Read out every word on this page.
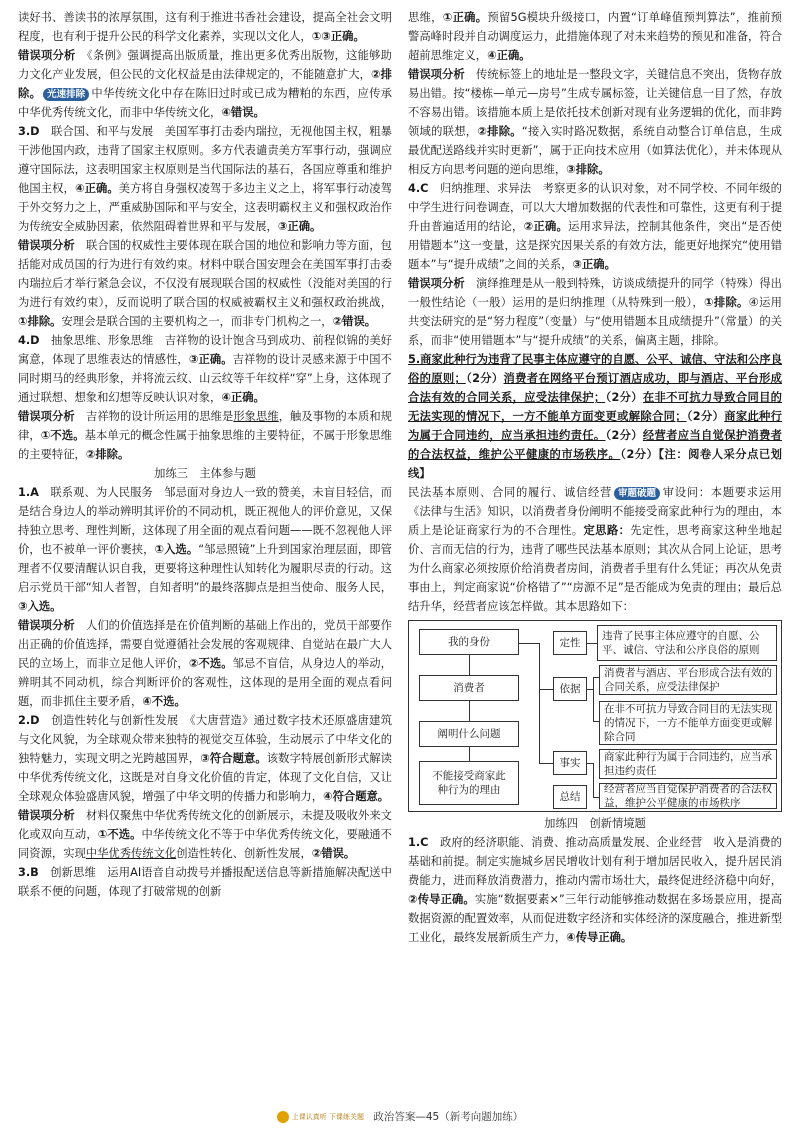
读好书、善读书的浓厚氛围，这有利于推进书香社会建设，提高全社会文明程度，也有利于提升公民的科学文化素养，实现以文化人，①③正确。

错误项分析　 《条例》强调提高出版质量，推出更多优秀出版物，这能够助力文化产业发展，但公民的文化权益是由法律规定的，不能随意扩大，②排除。 光速排除 中华传统文化中存在陈旧过时或已成为糟粕的东西，应传承中华优秀传统文化，而非中华传统文化，④错误。

3.D　 联合国、和平与发展　美国军事打击委内瑞拉，无视他国主权，粗暴干涉他国内政，违背了国家主权原则。多方代表谴责美方军事行动，强调应遵守国际法，这表明国家主权原则是当代国际法的基石，各国应尊重和维护他国主权，④正确。美方将自身强权凌驾于多边主义之上，将军事行动凌驾于外交努力之上，严重威胁国际和平与安全，这表明霸权主义和强权政治作为传统安全威胁因素，依然阻碍着世界和平与发展，③正确。

错误项分析　 联合国的权威性主要体现在联合国的地位和影响力等方面，包括能对成员国的行为进行有效约束。材料中联合国安理会在美国军事打击委内瑞拉后才举行紧急会议，不仅没有展现联合国的权威性（没能对美国的行为进行有效约束），反而说明了联合国的权威被霸权主义和强权政治挑战，①排除。安理会是联合国的主要机构之一，而非专门机构之一，②错误。

4.D　 抽象思维、形象思维　吉祥物的设计饱含马到成功、前程似锦的美好寓意，体现了思维表达的情感性，③正确。吉祥物的设计灵感来源于中国不同时期马的经典形象，并将流云纹、山云纹等千年纹样“穿”上身，这体现了通过联想、想象和幻想等反映认识对象，④正确。

错误项分析　 吉祥物的设计所运用的思维是形象思维，触及事物的本质和规律，①不选。基本单元的概念性属于抽象思维的主要特征，不属于形象思维的主要特征，②排除。

加练三　主体参与题

1.A　 联系观、为人民服务　邹忌面对身边人一致的赞美，未盲目轻信，而是结合身边人的举动辨明其评价的不同动机，既正视他人的评价意见，又保持独立思考、理性判断，这体现了用全面的观点看问题——既不忽视他人评价，也不被单一评价裹挟，①入选。“邹忌照镜”上升到国家治理层面，即管理者不仅要清醒认识自我，更要将这种理性认知转化为履职尽责的行动。这启示党员干部“知人者智，自知者明”的最终落脚点是担当使命、服务人民，③入选。

错误项分析　 人们的价值选择是在价值判断的基础上作出的，党员干部要作出正确的价值选择，需要自觉遵循社会发展的客观规律、自觉站在最广大人民的立场上，而非立足他人评价，②不选。邹忌不盲信，从身边人的举动，辨明其不同动机，综合判断评价的客观性，这体现的是用全面的观点看问题，而非抓住主要矛盾，④不选。

2.D　 创造性转化与创新性发展　《大唐营造》通过数字技术还原盛唐建筑与文化风貌，为全球观众带来独特的视觉交互体验，生动展示了中华文化的独特魅力，实现文明之光跨越国界，③符合题意。该数字特展创新形式解读中华优秀传统文化，这既是对自身文化价值的肯定，体现了文化自信，又让全球观众体验盛唐风貌，增强了中华文明的传播力和影响力，④符合题意。

错误项分析　 材料仅聚焦中华优秀传统文化的创新展示，未提及吸收外来文化或双向互动，①不选。中华传统文化不等于中华优秀传统文化，要融通不同资源，实现中华优秀传统文化创造性转化、创新性发展，②错误。

3.B　 创新思维　运用AI语音自动拨号并播报配送信息等新措施解决配送中联系不便的问题，体现了打破常规的创新

思维，①正确。预留5G模块升级接口，内置“订单峰值预判算法”，推前预警高峰时段并自动调度运力，此措施体现了对未来趋势的预见和准备，符合超前思维定义，④正确。

错误项分析　 传统标签上的地址是一整段文字，关键信息不突出，货物存放易出错。按“楼栋—单元—房号”生成专属标签，让关键信息一目了然，存放不容易出错。该措施本质上是依托技术创新对现有业务逻辑的优化，而非跨领域的联想，②排除。“接入实时路况数据，系统自动整合订单信息，生成最优配送路线并实时更新”，属于正向技术应用（如算法优化），并未体现从相反方向思考问题的逆向思维，③排除。

4.C　 归纳推理、求异法　考察更多的认识对象，对不同学校、不同年级的中学生进行问卷调查，可以大大增加数据的代表性和可靠性，这更有利于提升由普遍适用的结论，②正确。运用求异法，控制其他条件，突出“是否使用错题本”这一变量，这是探究因果关系的有效方法，能更好地探究“使用错题本”与“提升成绩”之间的关系，③正确。

错误项分析　 演绎推理是从一般到特殊，访谈成绩提升的同学（特殊）得出一般性结论（一般）运用的是归纳推理（从特殊到一般），①排除。④运用共变法研究的是“努力程度”（变量）与“使用错题本且成绩提升”（常量）的关系，而非“使用错题本”与“提升成绩”的关系，偏离主题，排除。

5.商家此种行为违背了民事主体应遵守的自愿、公平、诚信、守法和公序良俗的原则；（2分）消费者在网络平台预订酒店成功，即与酒店、平台形成合法有效的合同关系，应受法律保护；（2分）在非不可抗力导致合同目的无法实现的情况下，一方不能单方面变更或解除合同；（2分）商家此种行为属于合同违约，应当承担违约责任。（2分）经营者应当自觉保护消费者的合法权益，维护公平健康的市场秩序。（2分）【注：阅卷人采分点已划线】

民法基本原则、合同的履行、诚信经营 审题破题 审设问：本题要求运用《法律与生活》知识，以消费者身份阐明不能接受商家此种行为的理由，本质上是论证商家行为的不合理性。定思路：先定性，思考商家这种坐地起价、言而无信的行为，违背了哪些民法基本原则；其次从合同上论证，思考为什么商家必须按原价给消费者房间，消费者手里有什么凭证；再次从免责事由上，判定商家说“价格错了”“房源不足”是否能成为免责的理由；最后总结升华，经营者应该怎样做。其本思路如下：

我的身份
消费者
阐明什么问题
不能接受商家此种行为的理由
定性
依据
事实
总结
违背了民事主体应遵守的自愿、公平、诚信、守法和公序良俗的原则
消费者与酒店、平台形成合法有效的合同关系，应受法律保护
在非不可抗力导致合同目的无法实现的情况下，一方不能单方面变更或解除合同
商家此种行为属于合同违约，应当承担违约责任
经营者应当自觉保护消费者的合法权益，维护公平健康的市场秩序

加练四　创新情境题

1.C　 政府的经济职能、消费、推动高质量发展、企业经营　收入是消费的基础和前提。制定实施城乡居民增收计划有利于增加居民收入，提升居民消费能力，进而释放消费潜力，推动内需市场壮大，最终促进经济稳中向好，②传导正确。实施“数据要素×”三年行动能够推动数据在多场景应用，提高数据资源的配置效率，从而促进数字经济和实体经济的深度融合，推进新型工业化，最终发展新质生产力，④传导正确。

上课认真听 下课练关题 政治答案—45（新考向题加练）
